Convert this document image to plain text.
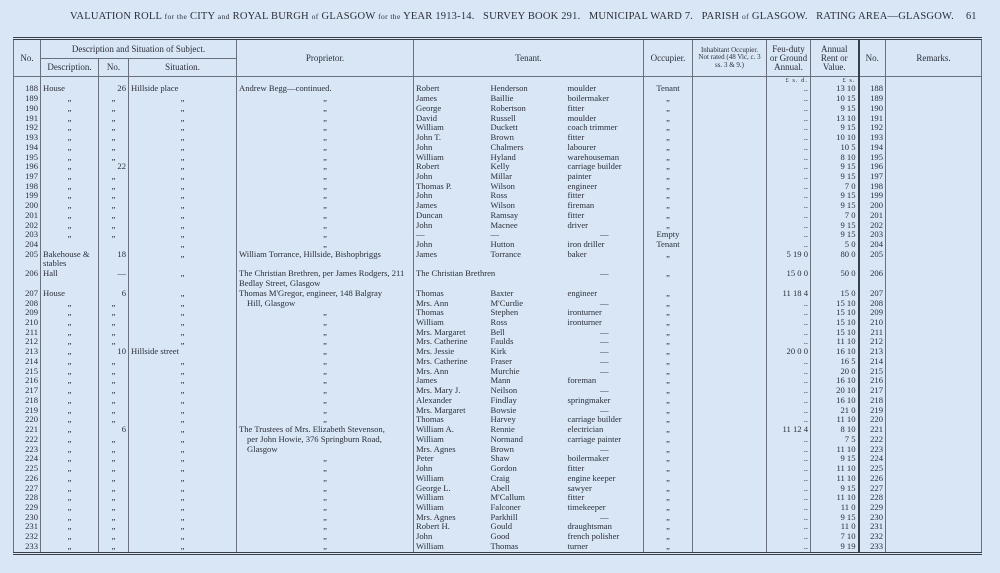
VALUATION ROLL for the CITY and ROYAL BURGH of GLASGOW for the YEAR 1913-14. SURVEY BOOK 291. MUNICIPAL WARD 7. PARISH of GLASGOW. RATING AREA—GLASGOW. 61
No.	Description and Situation of Subject.			Proprietor.	Tenant.			Occupier.	Inhabitant Occupier. Not rated (48 Vic, c. 3 ss. 3 & 9.)	Feu-duty or Ground Annual.	Annual Rent or Value.	No.	Remarks.
	Description.	No.	Situation.										
										£ s. d.	£ s.		
188	House	26	Hillside place	Andrew Begg—continued.	Robert	Henderson	moulder	Tenant		..	13 10	188	
189	„	„	„	„	James	Baillie	boilermaker	„		..	10 15	189	
190	„	„	„	„	George	Robertson	fitter	„		..	9 15	190	
191	„	„	„	„	David	Russell	moulder	„		..	13 10	191	
192	„	„	„	„	William	Duckett	coach trimmer	„		..	9 15	192	
193	„	„	„	„	John T.	Brown	fitter	„		..	10 10	193	
194	„	„	„	„	John	Chalmers	labourer	„		..	10 5	194	
195	„	„	„	„	William	Hyland	warehouseman	„		..	8 10	195	
196	„	22	„	„	Robert	Kelly	carriage builder	„		..	9 15	196	
197	„	„	„	„	John	Millar	painter	„		..	9 15	197	
198	„	„	„	„	Thomas P.	Wilson	engineer	„		..	7 0	198	
199	„	„	„	„	John	Ross	fitter	„		..	9 15	199	
200	„	„	„	„	James	Wilson	fireman	„		..	9 15	200	
201	„	„	„	„	Duncan	Ramsay	fitter	„		..	7 0	201	
202	„	„	„	„	John	Macnee	driver	„		..	9 15	202	
203	„	„	„	„	—	—	—	Empty		..	9 15	203	
204			„	„	John	Hutton	iron driller	Tenant		..	5 0	204	
205	Bakehouse & stables	18	„	William Torrance, Hillside, Bishopbriggs	James	Torrance	baker	„		5 19 0	80 0	205	
206	Hall	—	„	The Christian Brethren, per James Rodgers, 211 Bedlay Street, Glasgow	The Christian Brethren		—	„		15 0 0	50 0	206	
207	House	6	„	Thomas M'Gregor, engineer, 148 Balgray	Thomas	Baxter	engineer	„		11 18 4	15 0	207	
208	„	„	„	Hill, Glasgow	Mrs. Ann	M'Curdie	—	„		..	15 10	208	
209	„	„	„	„	Thomas	Stephen	ironturner	„		..	15 10	209	
210	„	„	„	„	William	Ross	ironturner	„		..	15 10	210	
211	„	„	„	„	Mrs. Margaret	Bell	—	„		..	15 10	211	
212	„	„	„	„	Mrs. Catherine	Faulds	—	„		..	11 10	212	
213	„	10	Hillside street	„	Mrs. Jessie	Kirk	—	„		20 0 0	16 10	213	
214	„	„	„	„	Mrs. Catherine	Fraser	—	„		..	16 5	214	
215	„	„	„	„	Mrs. Ann	Murchie	—	„		..	20 0	215	
216	„	„	„	„	James	Mann	foreman	„		..	16 10	216	
217	„	„	„	„	Mrs. Mary J.	Neilson	—	„		..	20 10	217	
218	„	„	„	„	Alexander	Findlay	springmaker	„		..	16 10	218	
219	„	„	„	„	Mrs. Margaret	Bowsie	—	„		..	21 0	219	
220	„	„	„	„	Thomas	Harvey	carriage builder	„		..	11 10	220	
221	„	6	„	The Trustees of Mrs. Elizabeth Stevenson,	William A.	Rennie	electrician	„		11 12 4	8 10	221	
222	„	„	„	per John Howie, 376 Springburn Road,	William	Normand	carriage painter	„		..	7 5	222	
223	„	„	„	Glasgow	Mrs. Agnes	Brown	—	„		..	11 10	223	
224	„	„	„	„	Peter	Shaw	boilermaker	„		..	9 15	224	
225	„	„	„	„	John	Gordon	fitter	„		..	11 10	225	
226	„	„	„	„	William	Craig	engine keeper	„		..	11 10	226	
227	„	„	„	„	George L.	Abell	sawyer	„		..	9 15	227	
228	„	„	„	„	William	M'Callum	fitter	„		..	11 10	228	
229	„	„	„	„	William	Falconer	timekeeper	„		..	11 0	229	
230	„	„	„	„	Mrs. Agnes	Parkhill	—	„		..	9 15	230	
231	„	„	„	„	Robert H.	Gould	draughtsman	„		..	11 0	231	
232	„	„	„	„	John	Good	french polisher	„		..	7 10	232	
233	„	„	„	„	William	Thomas	turner	„		..	9 19	233	
